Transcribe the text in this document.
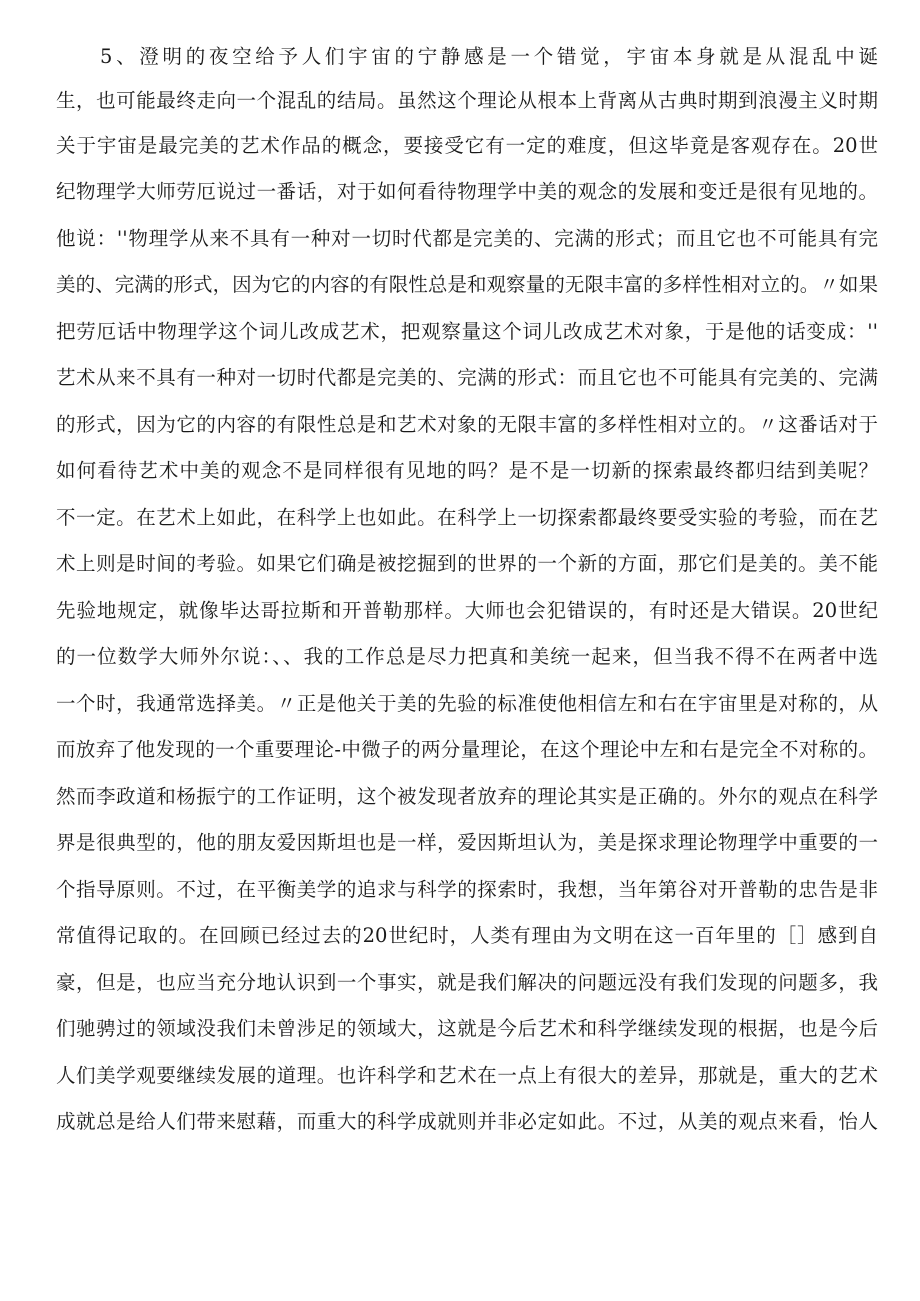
5、澄明的夜空给予人们宇宙的宁静感是一个错觉，宇宙本身就是从混乱中诞
生，也可能最终走向一个混乱的结局。虽然这个理论从根本上背离从古典时期到浪漫主义时期
关于宇宙是最完美的艺术作品的概念，要接受它有一定的难度，但这毕竟是客观存在。20世
纪物理学大师劳厄说过一番话，对于如何看待物理学中美的观念的发展和变迁是很有见地的。
他说：''物理学从来不具有一种对一切时代都是完美的、完满的形式；而且它也不可能具有完
美的、完满的形式，因为它的内容的有限性总是和观察量的无限丰富的多样性相对立的。〃如果
把劳厄话中物理学这个词儿改成艺术，把观察量这个词儿改成艺术对象，于是他的话变成：''
艺术从来不具有一种对一切时代都是完美的、完满的形式：而且它也不可能具有完美的、完满
的形式，因为它的内容的有限性总是和艺术对象的无限丰富的多样性相对立的。〃这番话对于
如何看待艺术中美的观念不是同样很有见地的吗？是不是一切新的探索最终都归结到美呢？
不一定。在艺术上如此，在科学上也如此。在科学上一切探索都最终要受实验的考验，而在艺
术上则是时间的考验。如果它们确是被挖掘到的世界的一个新的方面，那它们是美的。美不能
先验地规定，就像毕达哥拉斯和开普勒那样。大师也会犯错误的，有时还是大错误。20世纪
的一位数学大师外尔说：、、我的工作总是尽力把真和美统一起来，但当我不得不在两者中选
一个时，我通常选择美。〃正是他关于美的先验的标准使他相信左和右在宇宙里是对称的，从
而放弃了他发现的一个重要理论-中微子的两分量理论，在这个理论中左和右是完全不对称的。
然而李政道和杨振宁的工作证明，这个被发现者放弃的理论其实是正确的。外尔的观点在科学
界是很典型的，他的朋友爱因斯坦也是一样，爱因斯坦认为，美是探求理论物理学中重要的一
个指导原则。不过，在平衡美学的追求与科学的探索时，我想，当年第谷对开普勒的忠告是非
常值得记取的。在回顾已经过去的20世纪时，人类有理由为文明在这一百年里的［］感到自
豪，但是，也应当充分地认识到一个事实，就是我们解决的问题远没有我们发现的问题多，我
们驰骋过的领域没我们未曾涉足的领域大，这就是今后艺术和科学继续发现的根据，也是今后
人们美学观要继续发展的道理。也许科学和艺术在一点上有很大的差异，那就是，重大的艺术
成就总是给人们带来慰藉，而重大的科学成就则并非必定如此。不过，从美的观点来看，怡人
